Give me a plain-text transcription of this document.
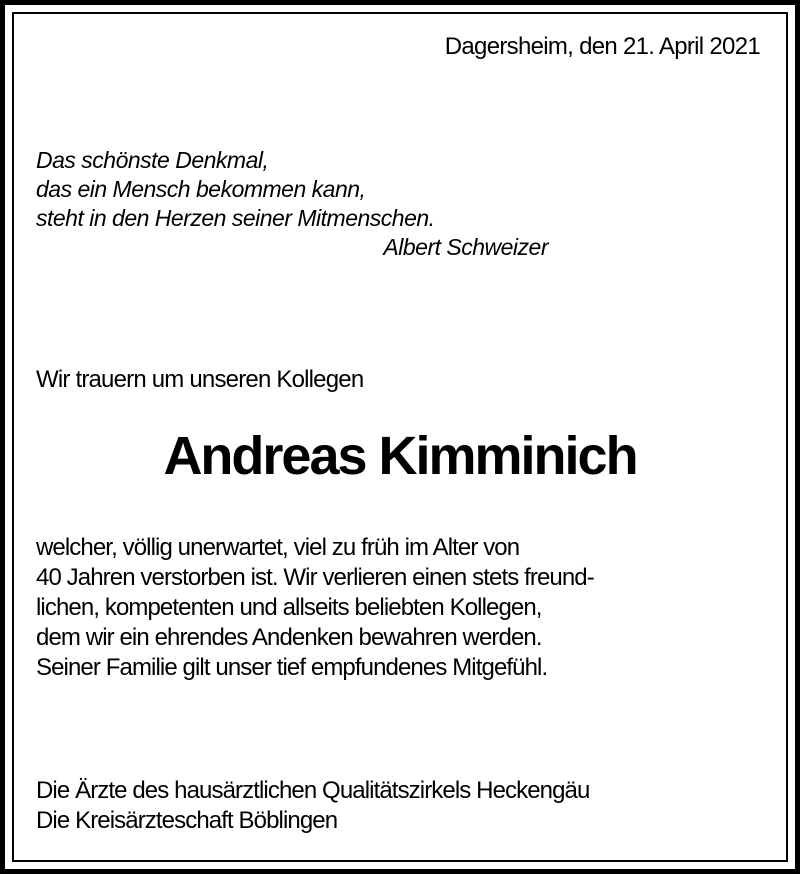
Dagersheim, den 21. April 2021
Das schönste Denkmal,
das ein Mensch bekommen kann,
steht in den Herzen seiner Mitmenschen.
Albert Schweizer
Wir trauern um unseren Kollegen
Andreas Kimminich
welcher, völlig unerwartet, viel zu früh im Alter von
40 Jahren verstorben ist. Wir verlieren einen stets freund-
lichen, kompetenten und allseits beliebten Kollegen,
dem wir ein ehrendes Andenken bewahren werden.
Seiner Familie gilt unser tief empfundenes Mitgefühl.
Die Ärzte des hausärztlichen Qualitätszirkels Heckengäu
Die Kreisärzteschaft Böblingen
